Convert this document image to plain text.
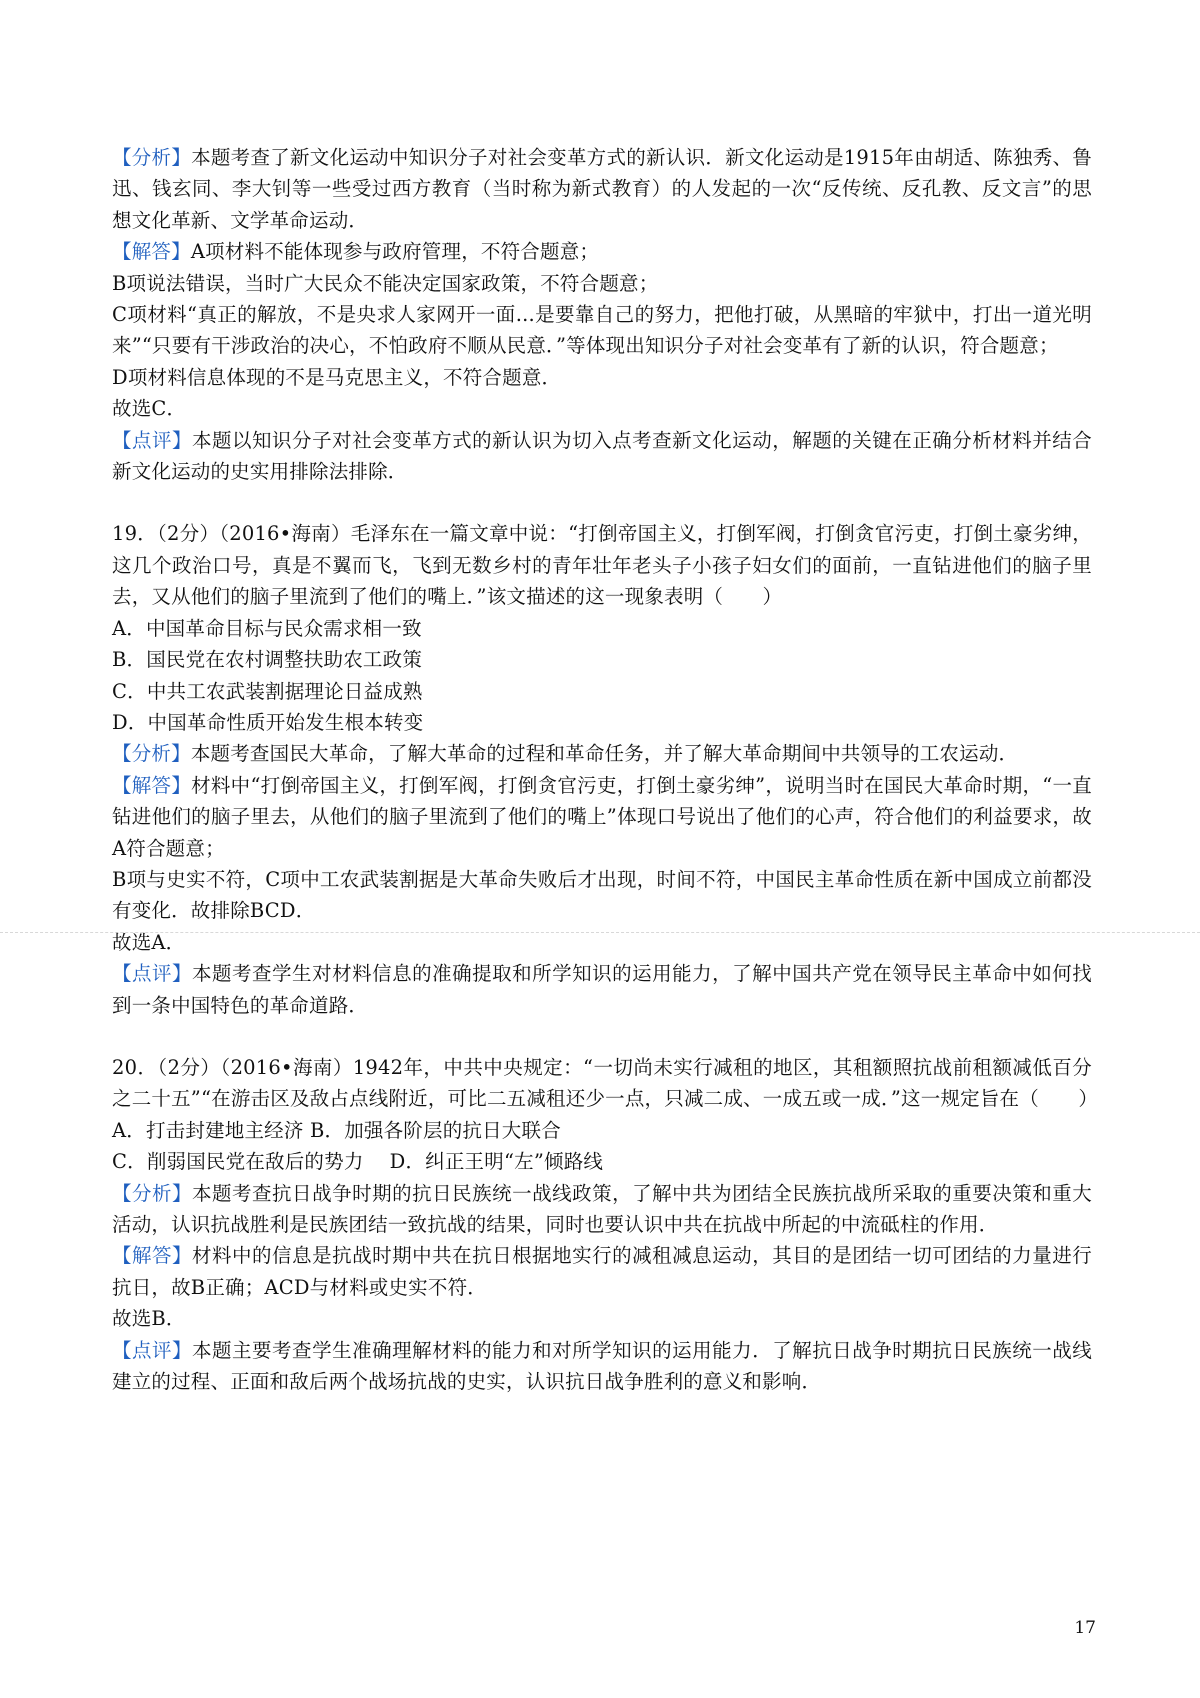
【分析】本题考查了新文化运动中知识分子对社会变革方式的新认识．新文化运动是1915年由胡适、陈独秀、鲁迅、钱玄同、李大钊等一些受过西方教育（当时称为新式教育）的人发起的一次“反传统、反孔教、反文言”的思想文化革新、文学革命运动．

【解答】A项材料不能体现参与政府管理，不符合题意；

B项说法错误，当时广大民众不能决定国家政策，不符合题意；

C项材料“真正的解放，不是央求人家网开一面...是要靠自己的努力，把他打破，从黑暗的牢狱中，打出一道光明来”“只要有干涉政治的决心，不怕政府不顺从民意．”等体现出知识分子对社会变革有了新的认识，符合题意；

D项材料信息体现的不是马克思主义，不符合题意．

故选C．

【点评】本题以知识分子对社会变革方式的新认识为切入点考查新文化运动，解题的关键在正确分析材料并结合新文化运动的史实用排除法排除．

19．（2分）（2016•海南）毛泽东在一篇文章中说：“打倒帝国主义，打倒军阀，打倒贪官污吏，打倒土豪劣绅，这几个政治口号，真是不翼而飞，飞到无数乡村的青年壮年老头子小孩子妇女们的面前，一直钻进他们的脑子里去，又从他们的脑子里流到了他们的嘴上．”该文描述的这一现象表明（　　）

A．中国革命目标与民众需求相一致

B．国民党在农村调整扶助农工政策

C．中共工农武装割据理论日益成熟

D．中国革命性质开始发生根本转变

【分析】本题考查国民大革命，了解大革命的过程和革命任务，并了解大革命期间中共领导的工农运动．

【解答】材料中“打倒帝国主义，打倒军阀，打倒贪官污吏，打倒土豪劣绅”，说明当时在国民大革命时期，“一直钻进他们的脑子里去，从他们的脑子里流到了他们的嘴上”体现口号说出了他们的心声，符合他们的利益要求，故A符合题意；

B项与史实不符，C项中工农武装割据是大革命失败后才出现，时间不符，中国民主革命性质在新中国成立前都没有变化．故排除BCD．

故选A．

【点评】本题考查学生对材料信息的准确提取和所学知识的运用能力，了解中国共产党在领导民主革命中如何找到一条中国特色的革命道路．

20．（2分）（2016•海南）1942年，中共中央规定：“一切尚未实行减租的地区，其租额照抗战前租额减低百分之二十五”“在游击区及敌占点线附近，可比二五减租还少一点，只减二成、一成五或一成．”这一规定旨在（　　）

A．打击封建地主经济 B．加强各阶层的抗日大联合

C．削弱国民党在敌后的势力　 D．纠正王明“左”倾路线

【分析】本题考查抗日战争时期的抗日民族统一战线政策，了解中共为团结全民族抗战所采取的重要决策和重大活动，认识抗战胜利是民族团结一致抗战的结果，同时也要认识中共在抗战中所起的中流砥柱的作用．

【解答】材料中的信息是抗战时期中共在抗日根据地实行的减租减息运动，其目的是团结一切可团结的力量进行抗日，故B正确；ACD与材料或史实不符．

故选B．

【点评】本题主要考查学生准确理解材料的能力和对所学知识的运用能力．了解抗日战争时期抗日民族统一战线建立的过程、正面和敌后两个战场抗战的史实，认识抗日战争胜利的意义和影响．

17
